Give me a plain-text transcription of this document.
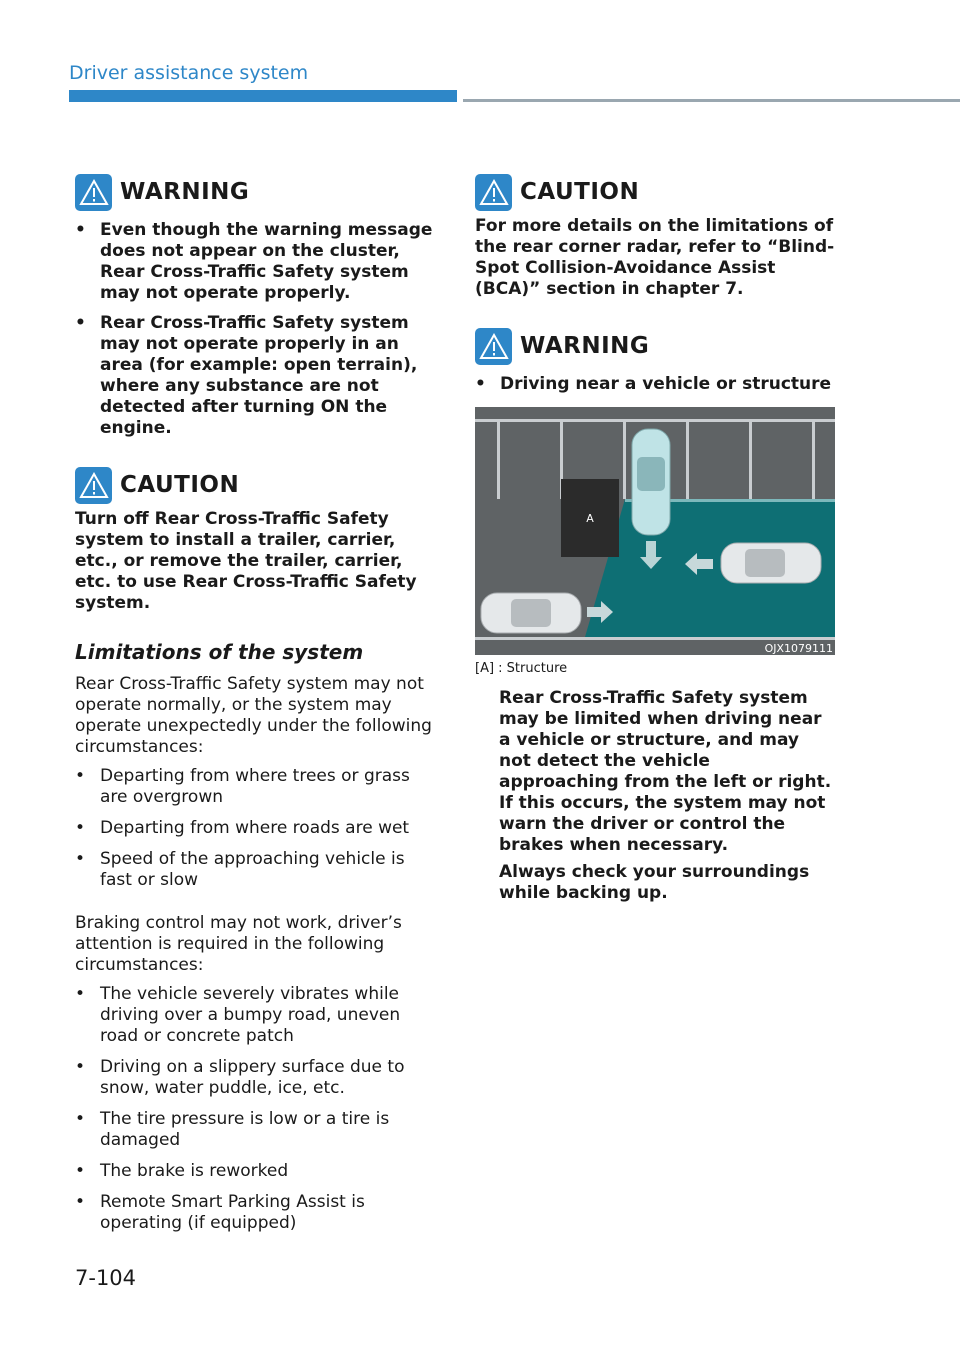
Driver assistance system
WARNING
• Even though the warning message does not appear on the cluster, Rear Cross-Traffic Safety system may not operate properly.
• Rear Cross-Traffic Safety system may not operate properly in an area (for example: open terrain), where any substance are not detected after turning ON the engine.
CAUTION
Turn off Rear Cross-Traffic Safety system to install a trailer, carrier, etc., or remove the trailer, carrier, etc. to use Rear Cross-Traffic Safety system.
Limitations of the system

Rear Cross-Traffic Safety system may not operate normally, or the system may operate unexpectedly under the following circumstances:

• Departing from where trees or grass are overgrown
• Departing from where roads are wet
• Speed of the approaching vehicle is fast or slow

Braking control may not work, driver’s attention is required in the following circumstances:

• The vehicle severely vibrates while driving over a bumpy road, uneven road or concrete patch
• Driving on a slippery surface due to snow, water puddle, ice, etc.
• The tire pressure is low or a tire is damaged
• The brake is reworked
• Remote Smart Parking Assist is operating (if equipped)
CAUTION
For more details on the limitations of the rear corner radar, refer to “Blind-Spot Collision-Avoidance Assist (BCA)” section in chapter 7.
WARNING
• Driving near a vehicle or structure
A
OJX1079111
[A] : Structure

Rear Cross-Traffic Safety system may be limited when driving near a vehicle or structure, and may not detect the vehicle approaching from the left or right. If this occurs, the system may not warn the driver or control the brakes when necessary.

Always check your surroundings while backing up.

7-104
